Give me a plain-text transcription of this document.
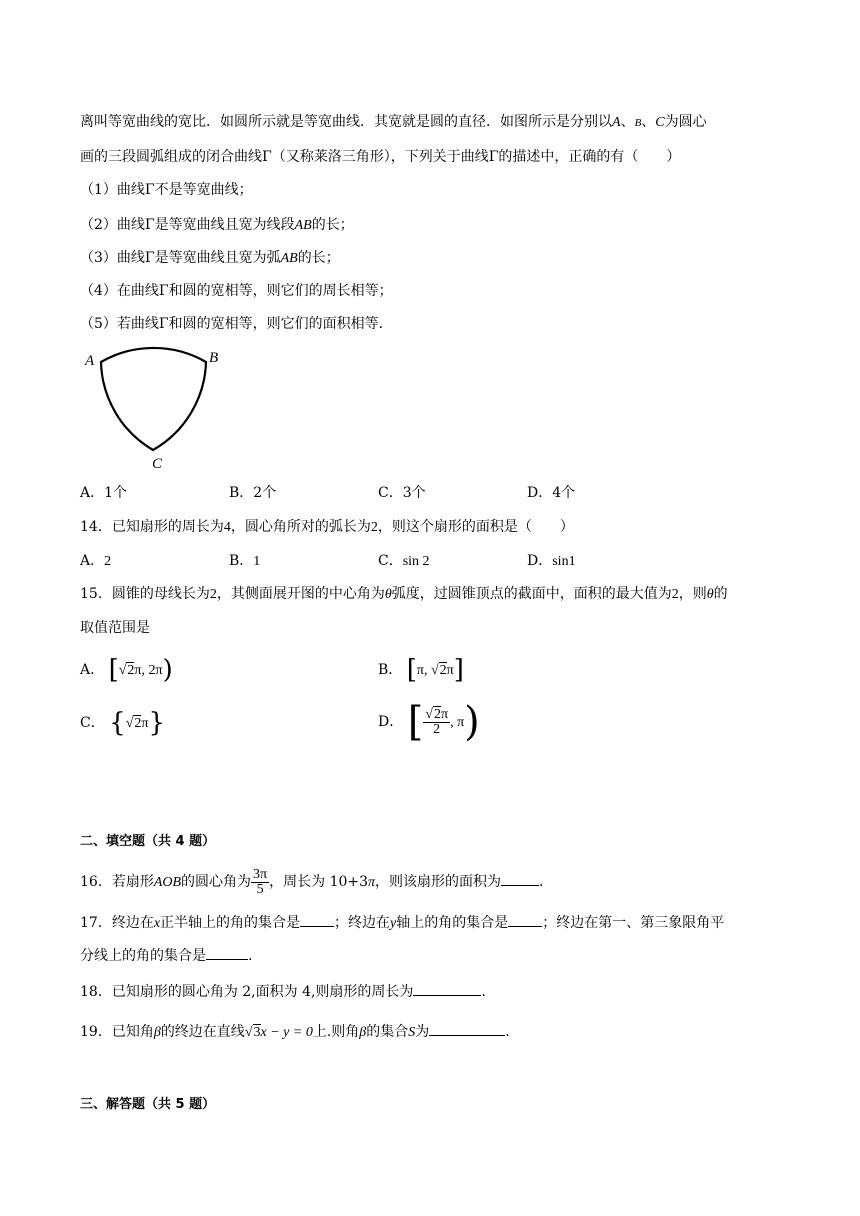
离叫等宽曲线的宽比．如圆所示就是等宽曲线．其宽就是圆的直径．如图所示是分别以A、B、C为圆心
画的三段圆弧组成的闭合曲线Γ（又称莱洛三角形），下列关于曲线Γ的描述中，正确的有（　　）
（1）曲线Γ不是等宽曲线；
（2）曲线Γ是等宽曲线且宽为线段AB的长；
（3）曲线Γ是等宽曲线且宽为弧AB的长；
（4）在曲线Γ和圆的宽相等，则它们的周长相等；
（5）若曲线Γ和圆的宽相等，则它们的面积相等．
A	B
C
A．1个	B．2个	C．3个	D．4个
14．已知扇形的周长为4，圆心角所对的弧长为2，则这个扇形的面积是（　　）
A．2	B．1	C．sin 2	D．sin1
15．圆锥的母线长为2，其侧面展开图的中心角为θ弧度，过圆锥顶点的截面中，面积的最大值为2，则θ的
取值范围是
A． [√2π, 2π)	B． [π, √2π]
C． {√2π}	D． [ $\frac{√2\pi}{2}$ , π)
二、填空题（共 4 题）
16．若扇形AOB的圆心角为 $\frac{3\pi}{5}$ ，周长为 10+3π，则该扇形的面积为	.
17．终边在x正半轴上的角的集合是 ；终边在y轴上的角的集合是 ；终边在第一、第三象限角平
分线上的角的集合是	.
18．已知扇形的圆心角为 2,面积为 4,则扇形的周长为	.
19．已知角β的终边在直线√3x − y = 0上.则角β的集合S为	.
三、解答题（共 5 题）
